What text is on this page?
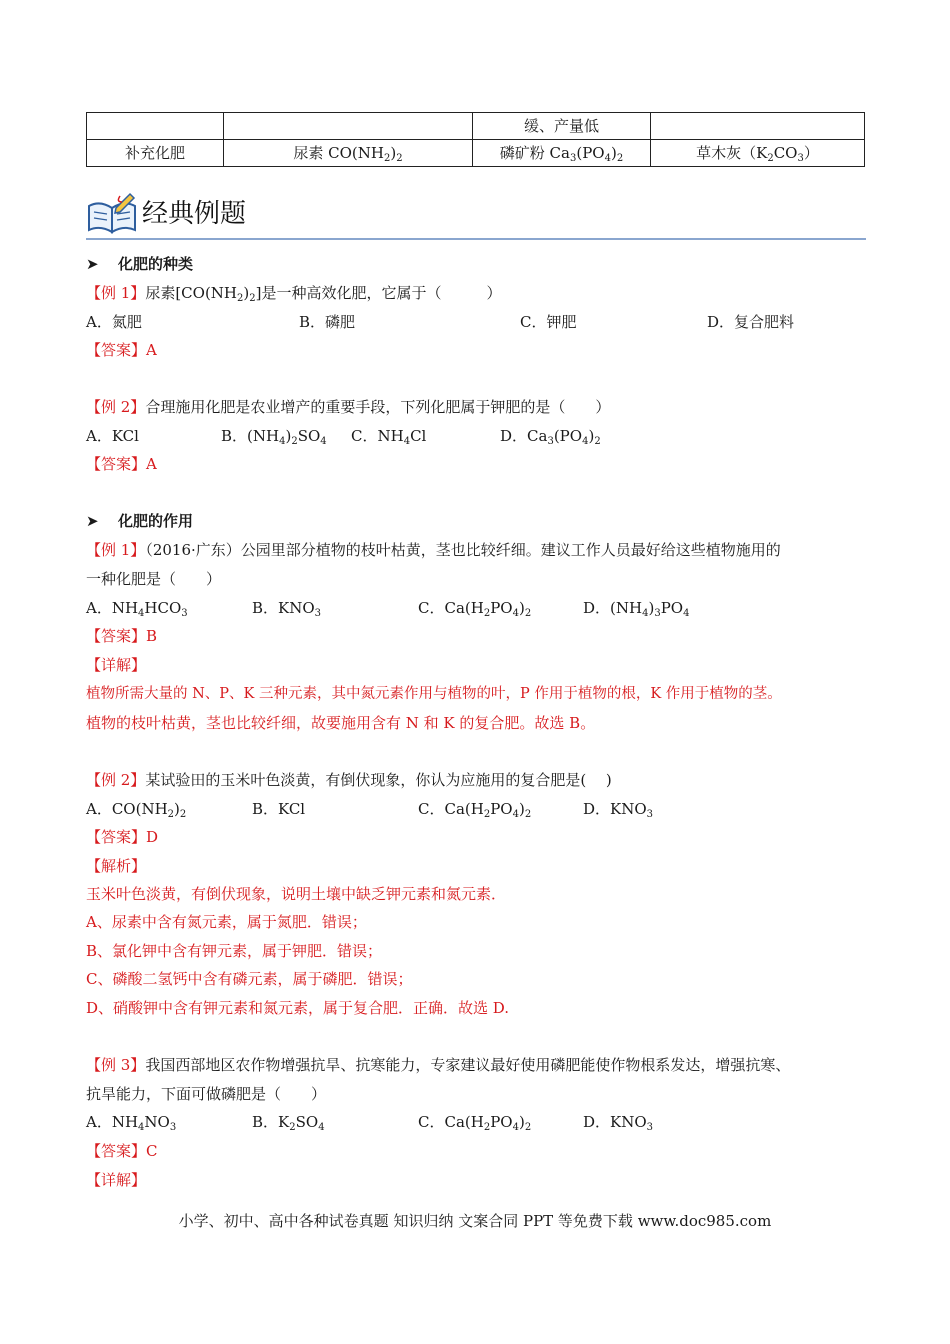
		缓、产量低	
补充化肥	尿素 $CO(NH_2)_2$	磷矿粉 $Ca_3(PO_4)_2$	草木灰$(K_2CO_3)$
经典例题
➤ 化肥的种类
【例 1】尿素$[CO(NH_2)_2]$是一种高效化肥，它属于（　　　）
A．氮肥	B．磷肥	C．钾肥	D．复合肥料
【答案】A
【例 2】合理施用化肥是农业增产的重要手段，下列化肥属于钾肥的是（　　）
A．KCl	B．$(NH_4)_2SO_4$ C．$NH_4Cl$	D．$Ca_3(PO_4)_2$
【答案】A
➤ 化肥的作用
【例 1】（2016·广东）公园里部分植物的枝叶枯黄，茎也比较纤细。建议工作人员最好给这些植物施用的
一种化肥是（　　）
A．$NH_4HCO_3$	B．$KNO_3$	C．$Ca(H_2PO_4)_2$	D．$(NH_4)_3PO_4$
【答案】B
【详解】
植物所需大量的 N、P、K 三种元素，其中氮元素作用与植物的叶，P 作用于植物的根，K 作用于植物的茎。
植物的枝叶枯黄，茎也比较纤细，故要施用含有 N 和 K 的复合肥。故选 B。
【例 2】某试验田的玉米叶色淡黄，有倒伏现象，你认为应施用的复合肥是(　 )
A．$CO(NH_2)_2$	B．KCl	C．$Ca(H_2PO_4)_2$	D．$KNO_3$
【答案】D
【解析】
玉米叶色淡黄，有倒伏现象，说明土壤中缺乏钾元素和氮元素．
A、尿素中含有氮元素，属于氮肥．错误；
B、氯化钾中含有钾元素，属于钾肥．错误；
C、磷酸二氢钙中含有磷元素，属于磷肥．错误；
D、硝酸钾中含有钾元素和氮元素，属于复合肥．正确．故选 D.
【例 3】我国西部地区农作物增强抗旱、抗寒能力，专家建议最好使用磷肥能使作物根系发达，增强抗寒、
抗旱能力，下面可做磷肥是（　　）
A．$NH_4NO_3$	B．$K_2SO_4$	C．$Ca(H_2PO_4)_2$	D．$KNO_3$
【答案】C
【详解】
小学、初中、高中各种试卷真题 知识归纳 文案合同 PPT 等免费下载 www.doc985.com
